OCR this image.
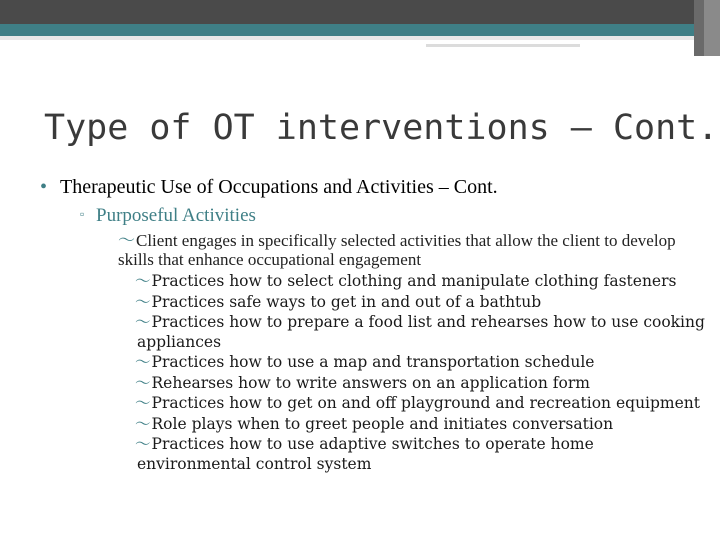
Type of OT interventions – Cont.
• Therapeutic Use of Occupations and Activities – Cont.
▫ Purposeful Activities
〜Client engages in specifically selected activities that allow the client to develop skills that enhance occupational engagement
〜Practices how to select clothing and manipulate clothing fasteners
〜Practices safe ways to get in and out of a bathtub
〜Practices how to prepare a food list and rehearses how to use cooking appliances
〜Practices how to use a map and transportation schedule
〜Rehearses how to write answers on an application form
〜Practices how to get on and off playground and recreation equipment
〜Role plays when to greet people and initiates conversation
〜Practices how to use adaptive switches to operate home environmental control system
